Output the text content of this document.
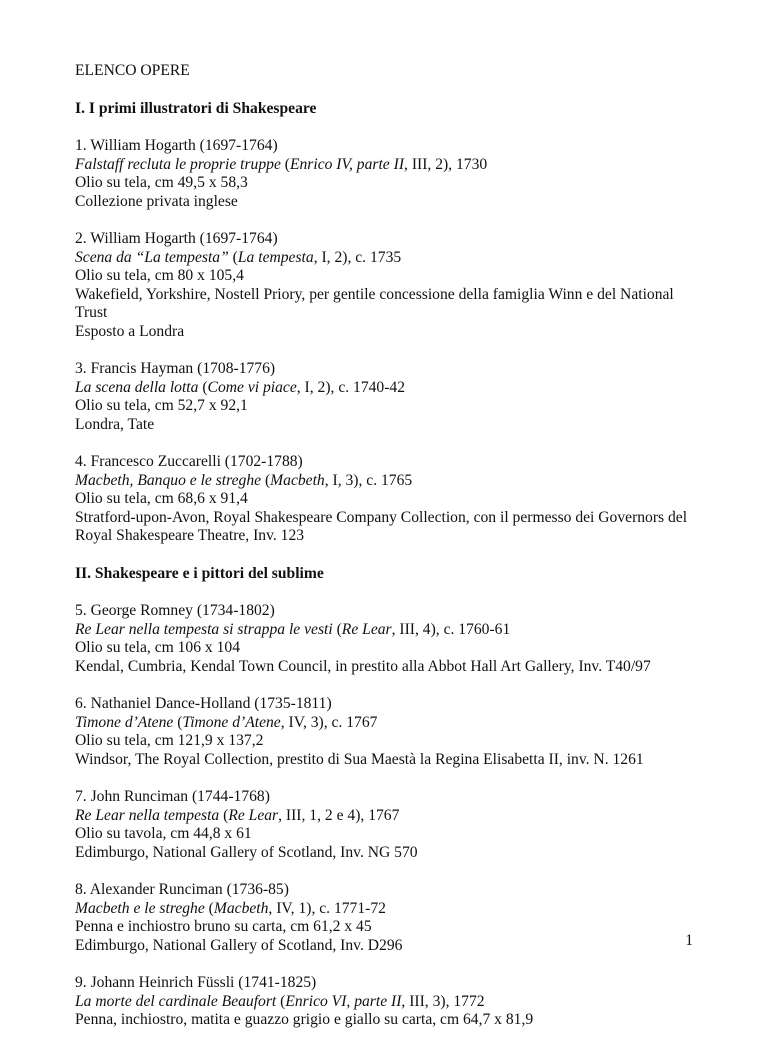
ELENCO OPERE
I. I primi illustratori di Shakespeare
1. William Hogarth (1697-1764)
Falstaff recluta le proprie truppe (Enrico IV, parte II, III, 2), 1730
Olio su tela, cm 49,5 x 58,3
Collezione privata inglese
2. William Hogarth (1697-1764)
Scena da “La tempesta” (La tempesta, I, 2), c. 1735
Olio su tela, cm 80 x 105,4
Wakefield, Yorkshire, Nostell Priory, per gentile concessione della famiglia Winn e del National
Trust
Esposto a Londra
3. Francis Hayman (1708-1776)
La scena della lotta (Come vi piace, I, 2), c. 1740-42
Olio su tela, cm 52,7 x 92,1
Londra, Tate
4. Francesco Zuccarelli (1702-1788)
Macbeth, Banquo e le streghe (Macbeth, I, 3), c. 1765
Olio su tela, cm 68,6 x 91,4
Stratford-upon-Avon, Royal Shakespeare Company Collection, con il permesso dei Governors del
Royal Shakespeare Theatre, Inv. 123
II. Shakespeare e i pittori del sublime
5. George Romney (1734-1802)
Re Lear nella tempesta si strappa le vesti (Re Lear, III, 4), c. 1760-61
Olio su tela, cm 106 x 104
Kendal, Cumbria, Kendal Town Council, in prestito alla Abbot Hall Art Gallery, Inv. T40/97
6. Nathaniel Dance-Holland (1735-1811)
Timone d’Atene (Timone d’Atene, IV, 3), c. 1767
Olio su tela, cm 121,9 x 137,2
Windsor, The Royal Collection, prestito di Sua Maestà la Regina Elisabetta II, inv. N. 1261
7. John Runciman (1744-1768)
Re Lear nella tempesta (Re Lear, III, 1, 2 e 4), 1767
Olio su tavola, cm 44,8 x 61
Edimburgo, National Gallery of Scotland, Inv. NG 570
8. Alexander Runciman (1736-85)
Macbeth e le streghe (Macbeth, IV, 1), c. 1771-72
Penna e inchiostro bruno su carta, cm 61,2 x 45
Edimburgo, National Gallery of Scotland, Inv. D296
9. Johann Heinrich Füssli (1741-1825)
La morte del cardinale Beaufort (Enrico VI, parte II, III, 3), 1772
Penna, inchiostro, matita e guazzo grigio e giallo su carta, cm 64,7 x 81,9
1
